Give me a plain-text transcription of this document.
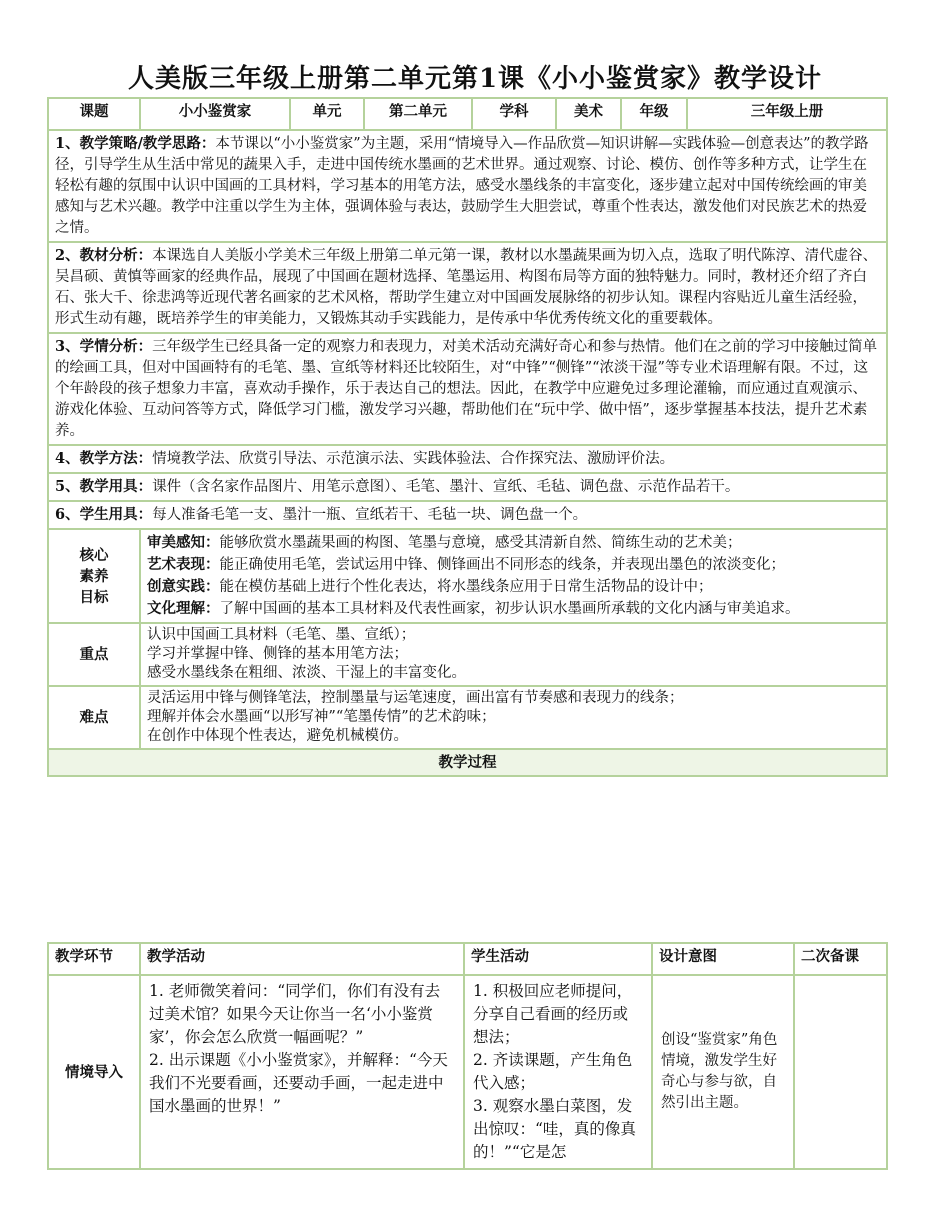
人美版三年级上册第二单元第1课《小小鉴赏家》教学设计
课题	小小鉴赏家	单元	第二单元	学科	美术	年级	三年级上册
1、教学策略/教学思路：本节课以“小小鉴赏家”为主题，采用“情境导入—作品欣赏—知识讲解—实践体验—创意表达”的教学路径，引导学生从生活中常见的蔬果入手，走进中国传统水墨画的艺术世界。通过观察、讨论、模仿、创作等多种方式，让学生在轻松有趣的氛围中认识中国画的工具材料，学习基本的用笔方法，感受水墨线条的丰富变化，逐步建立起对中国传统绘画的审美感知与艺术兴趣。教学中注重以学生为主体，强调体验与表达，鼓励学生大胆尝试，尊重个性表达，激发他们对民族艺术的热爱之情。							
2、教材分析：本课选自人美版小学美术三年级上册第二单元第一课，教材以水墨蔬果画为切入点，选取了明代陈淳、清代虚谷、吴昌硕、黄慎等画家的经典作品，展现了中国画在题材选择、笔墨运用、构图布局等方面的独特魅力。同时，教材还介绍了齐白石、张大千、徐悲鸿等近现代著名画家的艺术风格，帮助学生建立对中国画发展脉络的初步认知。课程内容贴近儿童生活经验，形式生动有趣，既培养学生的审美能力，又锻炼其动手实践能力，是传承中华优秀传统文化的重要载体。							
3、学情分析：三年级学生已经具备一定的观察力和表现力，对美术活动充满好奇心和参与热情。他们在之前的学习中接触过简单的绘画工具，但对中国画特有的毛笔、墨、宣纸等材料还比较陌生，对“中锋”“侧锋”“浓淡干湿”等专业术语理解有限。不过，这个年龄段的孩子想象力丰富，喜欢动手操作，乐于表达自己的想法。因此，在教学中应避免过多理论灌输，而应通过直观演示、游戏化体验、互动问答等方式，降低学习门槛，激发学习兴趣，帮助他们在“玩中学、做中悟”，逐步掌握基本技法，提升艺术素养。							
4、教学方法：情境教学法、欣赏引导法、示范演示法、实践体验法、合作探究法、激励评价法。							
5、教学用具：课件（含名家作品图片、用笔示意图）、毛笔、墨汁、宣纸、毛毡、调色盘、示范作品若干。							
6、学生用具：每人准备毛笔一支、墨汁一瓶、宣纸若干、毛毡一块、调色盘一个。							

核心素养目标	审美感知：能够欣赏水墨蔬果画的构图、笔墨与意境，感受其清新自然、简练生动的艺术美；
艺术表现：能正确使用毛笔，尝试运用中锋、侧锋画出不同形态的线条，并表现出墨色的浓淡变化；
创意实践：能在模仿基础上进行个性化表达，将水墨线条应用于日常生活物品的设计中；
文化理解：了解中国画的基本工具材料及代表性画家，初步认识水墨画所承载的文化内涵与审美追求。						

重点	认识中国画工具材料（毛笔、墨、宣纸）；
学习并掌握中锋、侧锋的基本用笔方法；
感受水墨线条在粗细、浓淡、干湿上的丰富变化。						

难点	灵活运用中锋与侧锋笔法，控制墨量与运笔速度，画出富有节奏感和表现力的线条；
理解并体会水墨画“以形写神”“笔墨传情”的艺术韵味；
在创作中体现个性表达，避免机械模仿。						

教学过程							
教学环节	教学活动	学生活动	设计意图	二次备课
情境导入	1. 老师微笑着问：“同学们，你们有没有去过美术馆？如果今天让你当一名‘小小鉴赏家’，你会怎么欣赏一幅画呢？”
2. 出示课题《小小鉴赏家》，并解释：“今天我们不光要看画，还要动手画，一起走进中国水墨画的世界！”	1. 积极回应老师提问，分享自己看画的经历或想法；
2. 齐读课题，产生角色代入感；
3. 观察水墨白菜图，发出惊叹：“哇，真的像真的！”“它是怎	创设“鉴赏家”角色情境，激发学生好奇心与参与欲，自然引出主题。	
